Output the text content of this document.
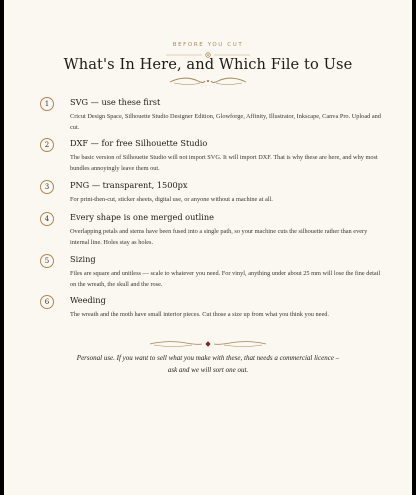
BEFORE YOU CUT
What's In Here, and Which File to Use
1	SVG — use these first
Cricut Design Space, Silhouette Studio Designer Edition, Glowforge, Affinity, Illustrator, Inkscape, Canva Pro. Upload and cut.
2	DXF — for free Silhouette Studio
The basic version of Silhouette Studio will not import SVG. It will import DXF. That is why these are here, and why most bundles annoyingly leave them out.
3	PNG — transparent, 1500px
For print-then-cut, sticker sheets, digital use, or anyone without a machine at all.
4	Every shape is one merged outline
Overlapping petals and stems have been fused into a single path, so your machine cuts the silhouette rather than every internal line. Holes stay as holes.
5	Sizing
Files are square and unitless — scale to whatever you need. For vinyl, anything under about 25 mm will lose the fine detail on the wreath, the skull and the rose.
6	Weeding
The wreath and the moth have small interior pieces. Cut those a size up from what you think you need.
Personal use. If you want to sell what you make with these, that needs a commercial licence – ask and we will sort one out.
